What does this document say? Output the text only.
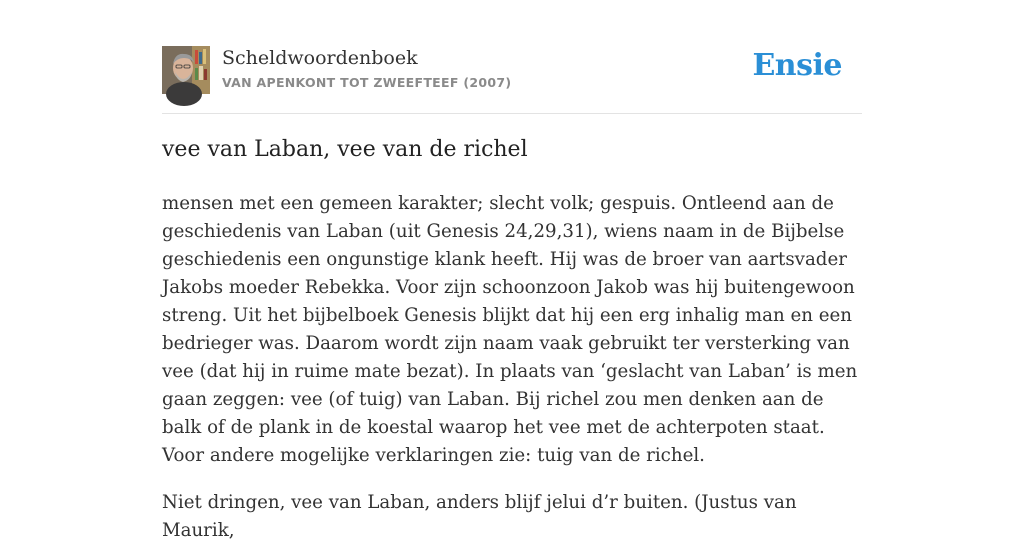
Scheldwoordenboek
VAN APENKONT TOT ZWEEFTEEF (2007)	Ensie
vee van Laban, vee van de richel

mensen met een gemeen karakter; slecht volk; gespuis. Ontleend aan de geschiedenis van Laban (uit Genesis 24,29,31), wiens naam in de Bijbelse geschiedenis een ongunstige klank heeft. Hij was de broer van aartsvader Jakobs moeder Rebekka. Voor zijn schoonzoon Jakob was hij buitengewoon streng. Uit het bijbelboek Genesis blijkt dat hij een erg inhalig man en een bedrieger was. Daarom wordt zijn naam vaak gebruikt ter versterking van vee (dat hij in ruime mate bezat). In plaats van ‘geslacht van Laban’ is men gaan zeggen: vee (of tuig) van Laban. Bij richel zou men denken aan de balk of de plank in de koestal waarop het vee met de achterpoten staat. Voor andere mogelijke verklaringen zie: tuig van de richel.

Niet dringen, vee van Laban, anders blijf jelui d’r buiten. (Justus van Maurik,
